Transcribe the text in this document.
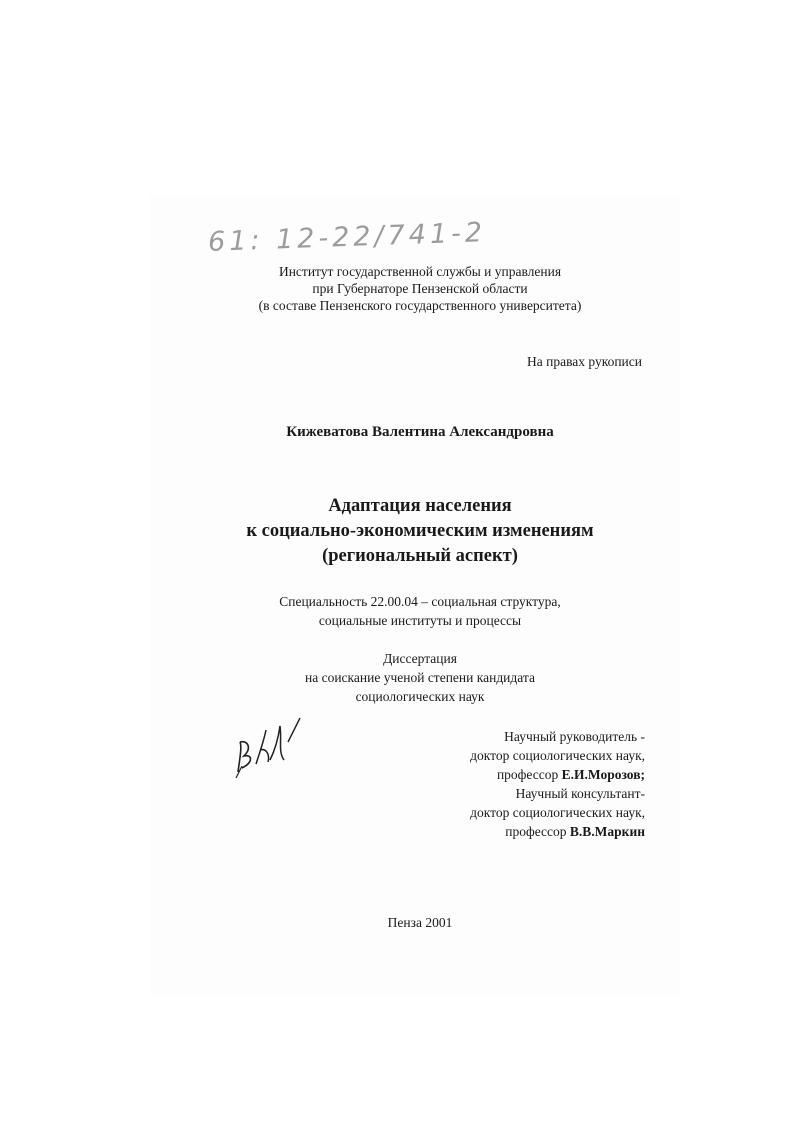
61: 12-22/741-2
Институт государственной службы и управления
при Губернаторе Пензенской области
(в составе Пензенского государственного университета)
На правах рукописи
Кижеватова Валентина Александровна
Адаптация населения
к социально-экономическим изменениям
(региональный аспект)
Специальность 22.00.04 – социальная структура,
социальные институты и процессы
Диссертация
на соискание ученой степени кандидата
социологических наук
Научный руководитель -
доктор социологических наук,
профессор Е.И.Морозов;
Научный консультант-
доктор социологических наук,
профессор В.В.Маркин
Пенза 2001
